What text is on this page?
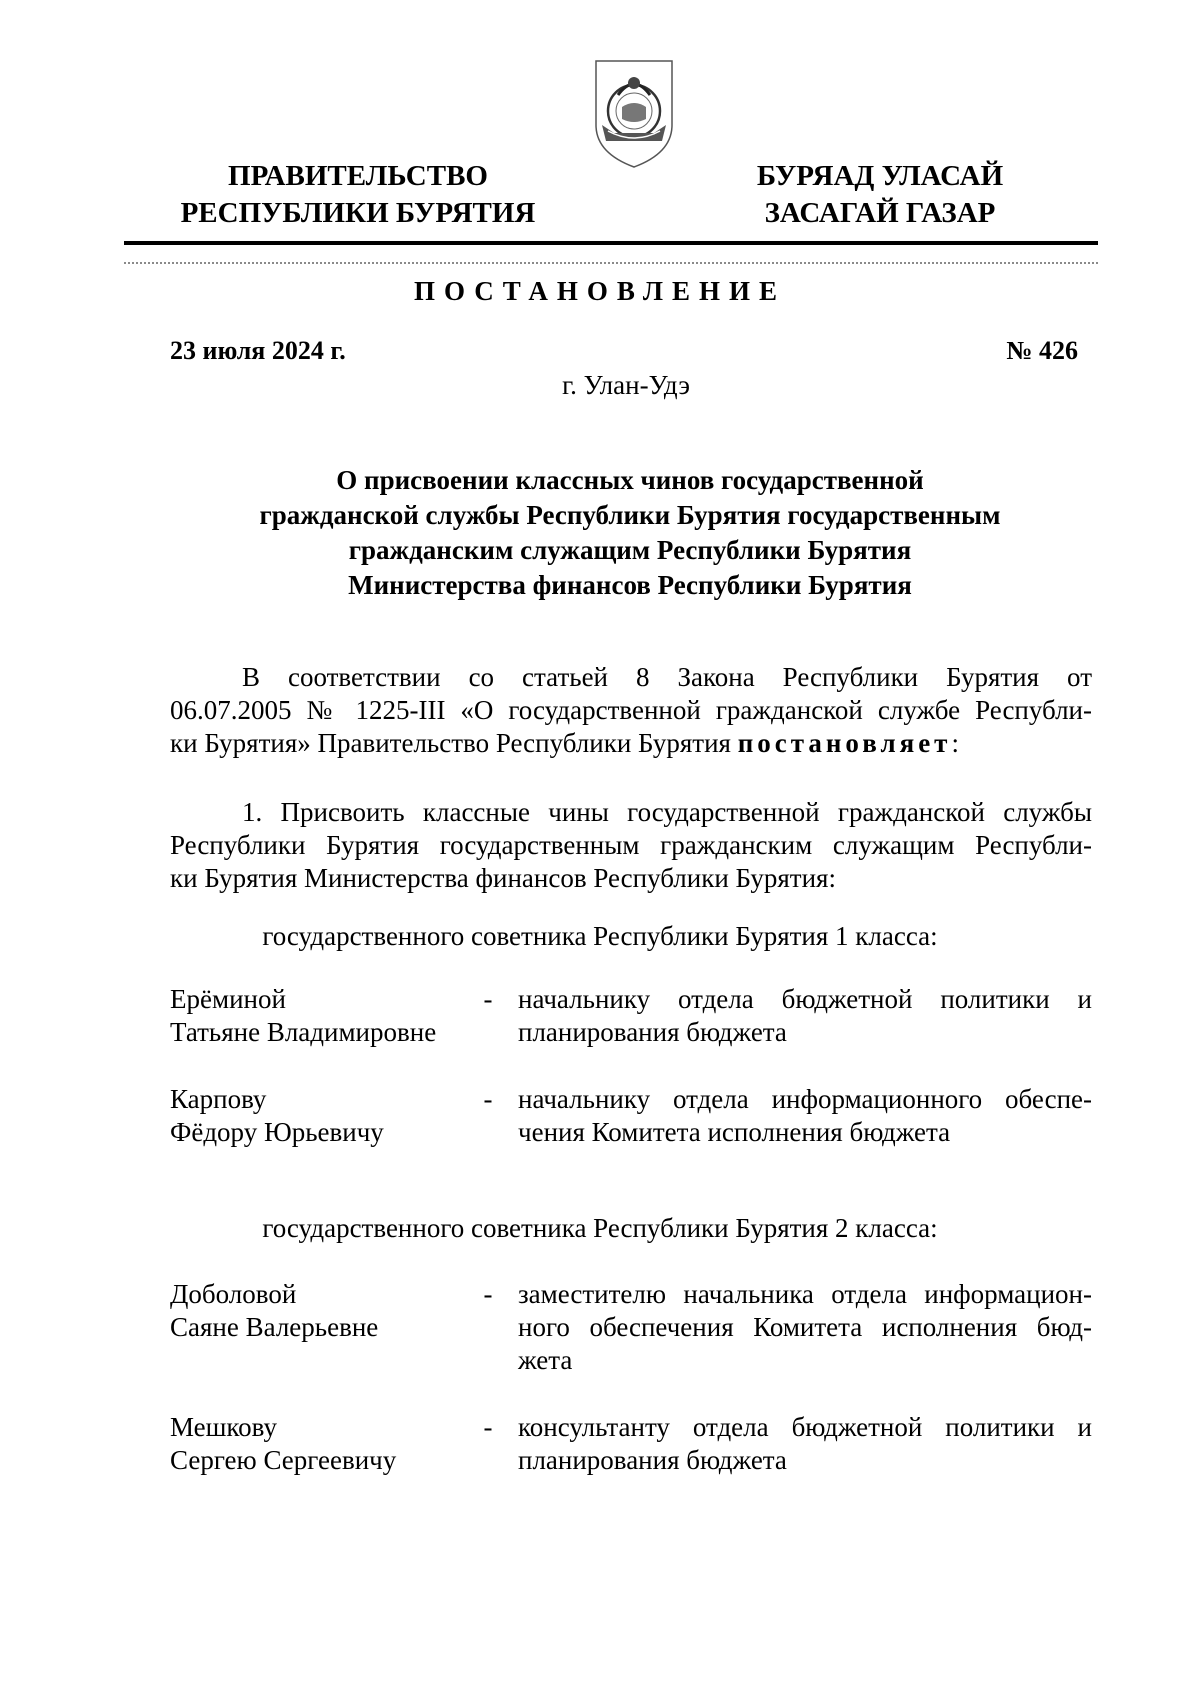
ПРАВИТЕЛЬСТВО
РЕСПУБЛИКИ БУРЯТИЯ
БУРЯАД УЛАСАЙ
ЗАСАГАЙ ГАЗАР
ПОСТАНОВЛЕНИЕ
23 июля 2024 г.	№ 426
г. Улан-Удэ
О присвоении классных чинов государственной
гражданской службы Республики Бурятия государственным
гражданским служащим Республики Бурятия
Министерства финансов Республики Бурятия
В соответствии со статьей 8 Закона Республики Бурятия от
06.07.2005 № 1225-III «О государственной гражданской службе Республи-
ки Бурятия» Правительство Республики Бурятия постановляет:
1. Присвоить классные чины государственной гражданской службы
Республики Бурятия государственным гражданским служащим Республи-
ки Бурятия Министерства финансов Республики Бурятия:
государственного советника Республики Бурятия 1 класса:
Ерёминой
Татьяне Владимировне
- начальнику отдела бюджетной политики и
планирования бюджета
Карпову
Фёдору Юрьевичу
- начальнику отдела информационного обеспе-
чения Комитета исполнения бюджета
государственного советника Республики Бурятия 2 класса:
Доболовой
Саяне Валерьевне
- заместителю начальника отдела информацион-
ного обеспечения Комитета исполнения бюд-
жета
Мешкову
Сергею Сергеевичу
- консультанту отдела бюджетной политики и
планирования бюджета
